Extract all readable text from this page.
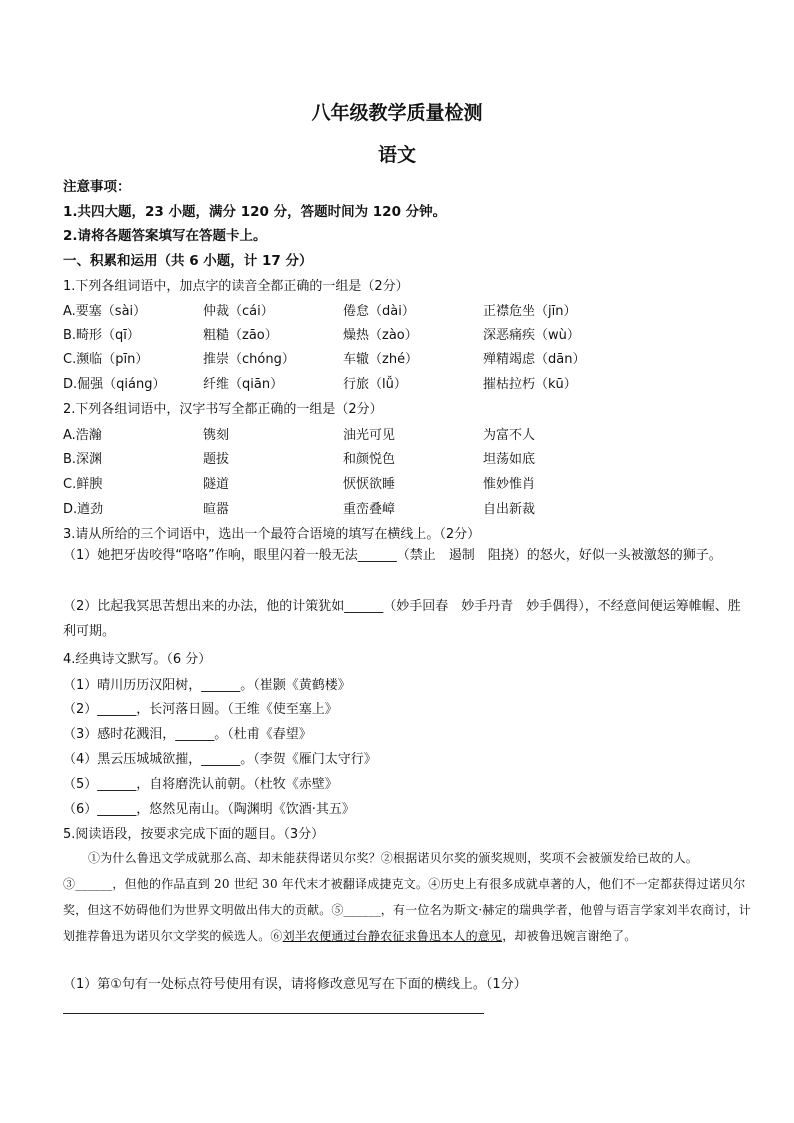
八年级教学质量检测
语文
注意事项：
1.共四大题，23 小题，满分 120 分，答题时间为 120 分钟。
2.请将各题答案填写在答题卡上。
一、积累和运用（共 6 小题，计 17 分）
1.下列各组词语中，加点字的读音全都正确的一组是（2分）
A.要塞（sài）	仲裁（cái）	倦怠（dài）	正襟危坐（jīn）
B.畸形（qī）	粗糙（zāo）	燥热（zào）	深恶痛疾（wù）
C.濒临（pīn）	推崇（chóng）	车辙（zhé）	殚精竭虑（dān）
D.倔强（qiáng）	纤维（qiān）	行旅（lǚ）	摧枯拉朽（kū）
2.下列各组词语中，汉字书写全都正确的一组是（2分）
A.浩瀚	镌刻	油光可见	为富不人
B.深渊	题拔	和颜悦色	坦荡如底
C.鲜腴	隧道	恹恹欲睡	惟妙惟肖
D.遒劲	暄嚣	重峦叠嶂	自出新裁
3.请从所给的三个词语中，选出一个最符合语境的填写在横线上。（2分）
（1）她把牙齿咬得“咯咯”作响，眼里闪着一般无法______（禁止　遏制　阻挠）的怒火，好似一头被激怒的狮子。
（2）比起我冥思苦想出来的办法，他的计策犹如______（妙手回春　妙手丹青　妙手偶得），不经意间便运筹帷幄、胜利可期。
4.经典诗文默写。（6 分）
（1）晴川历历汉阳树，______。（崔颢《黄鹤楼》
（2）______，长河落日圆。（王维《使至塞上》
（3）感时花溅泪，______。（杜甫《春望》
（4）黑云压城城欲摧，______。（李贺《雁门太守行》
（5）______，自将磨洗认前朝。（杜牧《赤壁》
（6）______，悠然见南山。（陶渊明《饮酒·其五》
5.阅读语段，按要求完成下面的题目。（3分）
①为什么鲁迅文学成就那么高、却未能获得诺贝尔奖？②根据诺贝尔奖的颁奖规则，奖项不会被颁发给已故的人。③______，但他的作品直到 20 世纪 30 年代末才被翻译成捷克文。④历史上有很多成就卓著的人，他们不一定都获得过诺贝尔奖，但这不妨碍他们为世界文明做出伟大的贡献。⑤______，有一位名为斯文·赫定的瑞典学者，他曾与语言学家刘半农商讨，计划推荐鲁迅为诺贝尔文学奖的候选人。⑥刘半农便通过台静农征求鲁迅本人的意见，却被鲁迅婉言谢绝了。
（1）第①句有一处标点符号使用有误，请将修改意见写在下面的横线上。（1分）
